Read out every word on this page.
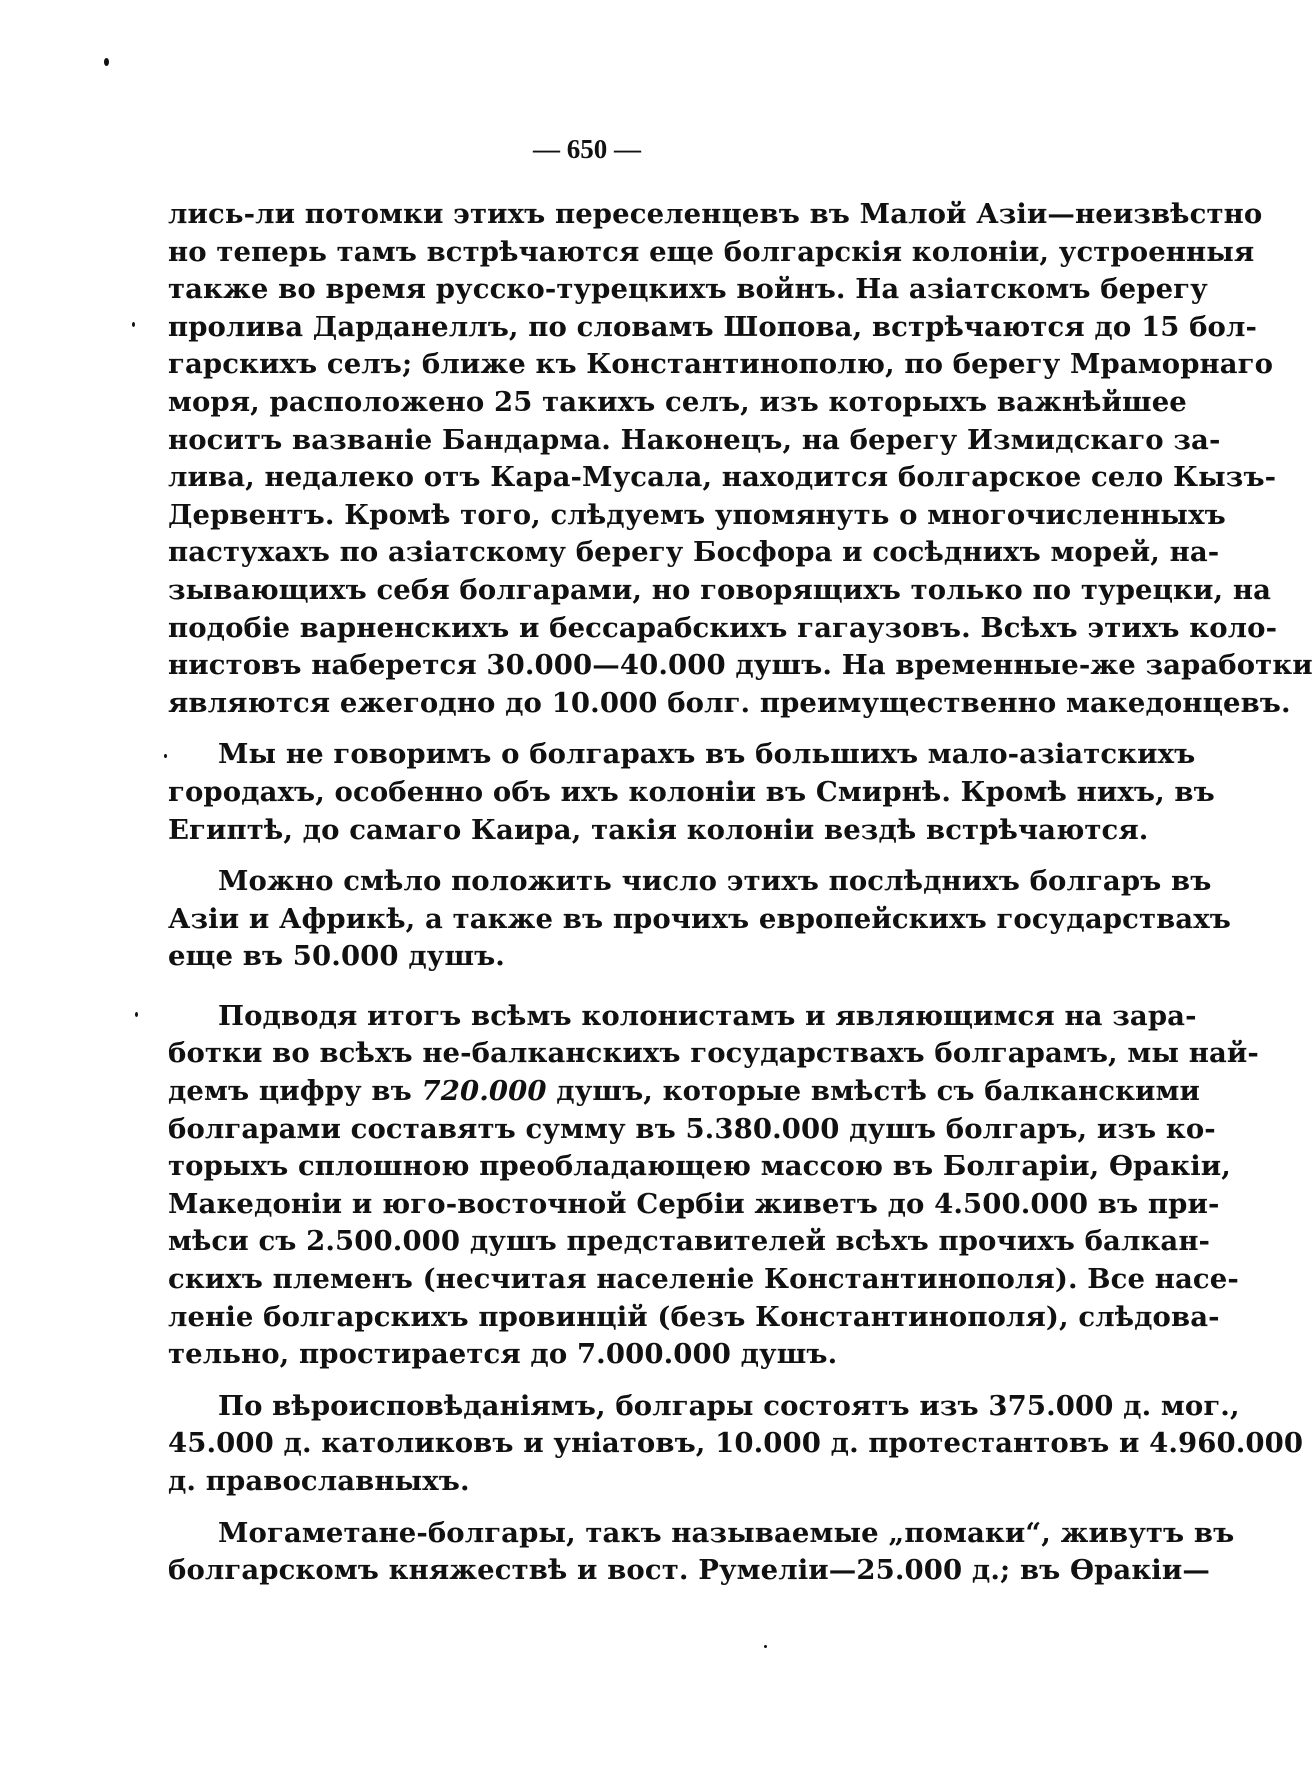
— 650 —

лись-ли потомки этихъ переселенцевъ въ Малой Азіи—неизвѣстно
но теперь тамъ встрѣчаются еще болгарскія колоніи, устроенныя
также во время русско-турецкихъ войнъ. На азіатскомъ берегу
пролива Дарданеллъ, по словамъ Шопова, встрѣчаются до 15 бол-
гарскихъ селъ; ближе къ Константинополю, по берегу Мраморнаго
моря, расположено 25 такихъ селъ, изъ которыхъ важнѣйшее
носитъ вазваніе Бандарма. Наконецъ, на берегу Измидскаго за-
лива, недалеко отъ Кара-Мусала, находится болгарское село Кызъ-
Дервентъ. Кромѣ того, слѣдуемъ упомянуть о многочисленныхъ
пастухахъ по азіатскому берегу Босфора и сосѣднихъ морей, на-
зывающихъ себя болгарами, но говорящихъ только по турецки, на
подобіе варненскихъ и бессарабскихъ гагаузовъ. Всѣхъ этихъ коло-
нистовъ наберется 30.000—40.000 душъ. На временные-же заработки
являются ежегодно до 10.000 болг. преимущественно македонцевъ.

Мы не говоримъ о болгарахъ въ большихъ мало-азіатскихъ
городахъ, особенно объ ихъ колоніи въ Смирнѣ. Кромѣ нихъ, въ
Египтѣ, до самаго Каира, такія колоніи вездѣ встрѣчаются.

Можно смѣло положить число этихъ послѣднихъ болгаръ въ
Азіи и Африкѣ, а также въ прочихъ европейскихъ государствахъ
еще въ 50.000 душъ.

Подводя итогъ всѣмъ колонистамъ и являющимся на зара-
ботки во всѣхъ не-балканскихъ государствахъ болгарамъ, мы най-
демъ цифру въ 720.000 душъ, которые вмѣстѣ съ балканскими
болгарами составятъ сумму въ 5.380.000 душъ болгаръ, изъ ко-
торыхъ сплошною преобладающею массою въ Болгаріи, Ѳракіи,
Македоніи и юго-восточной Сербіи живетъ до 4.500.000 въ при-
мѣси съ 2.500.000 душъ представителей всѣхъ прочихъ балкан-
скихъ племенъ (несчитая населеніе Константинополя). Все насе-
леніе болгарскихъ провинцій (безъ Константинополя), слѣдова-
тельно, простирается до 7.000.000 душъ.

По вѣроисповѣданіямъ, болгары состоятъ изъ 375.000 д. мог.,
45.000 д. католиковъ и уніатовъ, 10.000 д. протестантовъ и 4.960.000
д. православныхъ.

Могаметане-болгары, такъ называемые „помаки“, живутъ въ
болгарскомъ княжествѣ и вост. Румеліи—25.000 д.; въ Ѳракіи—
